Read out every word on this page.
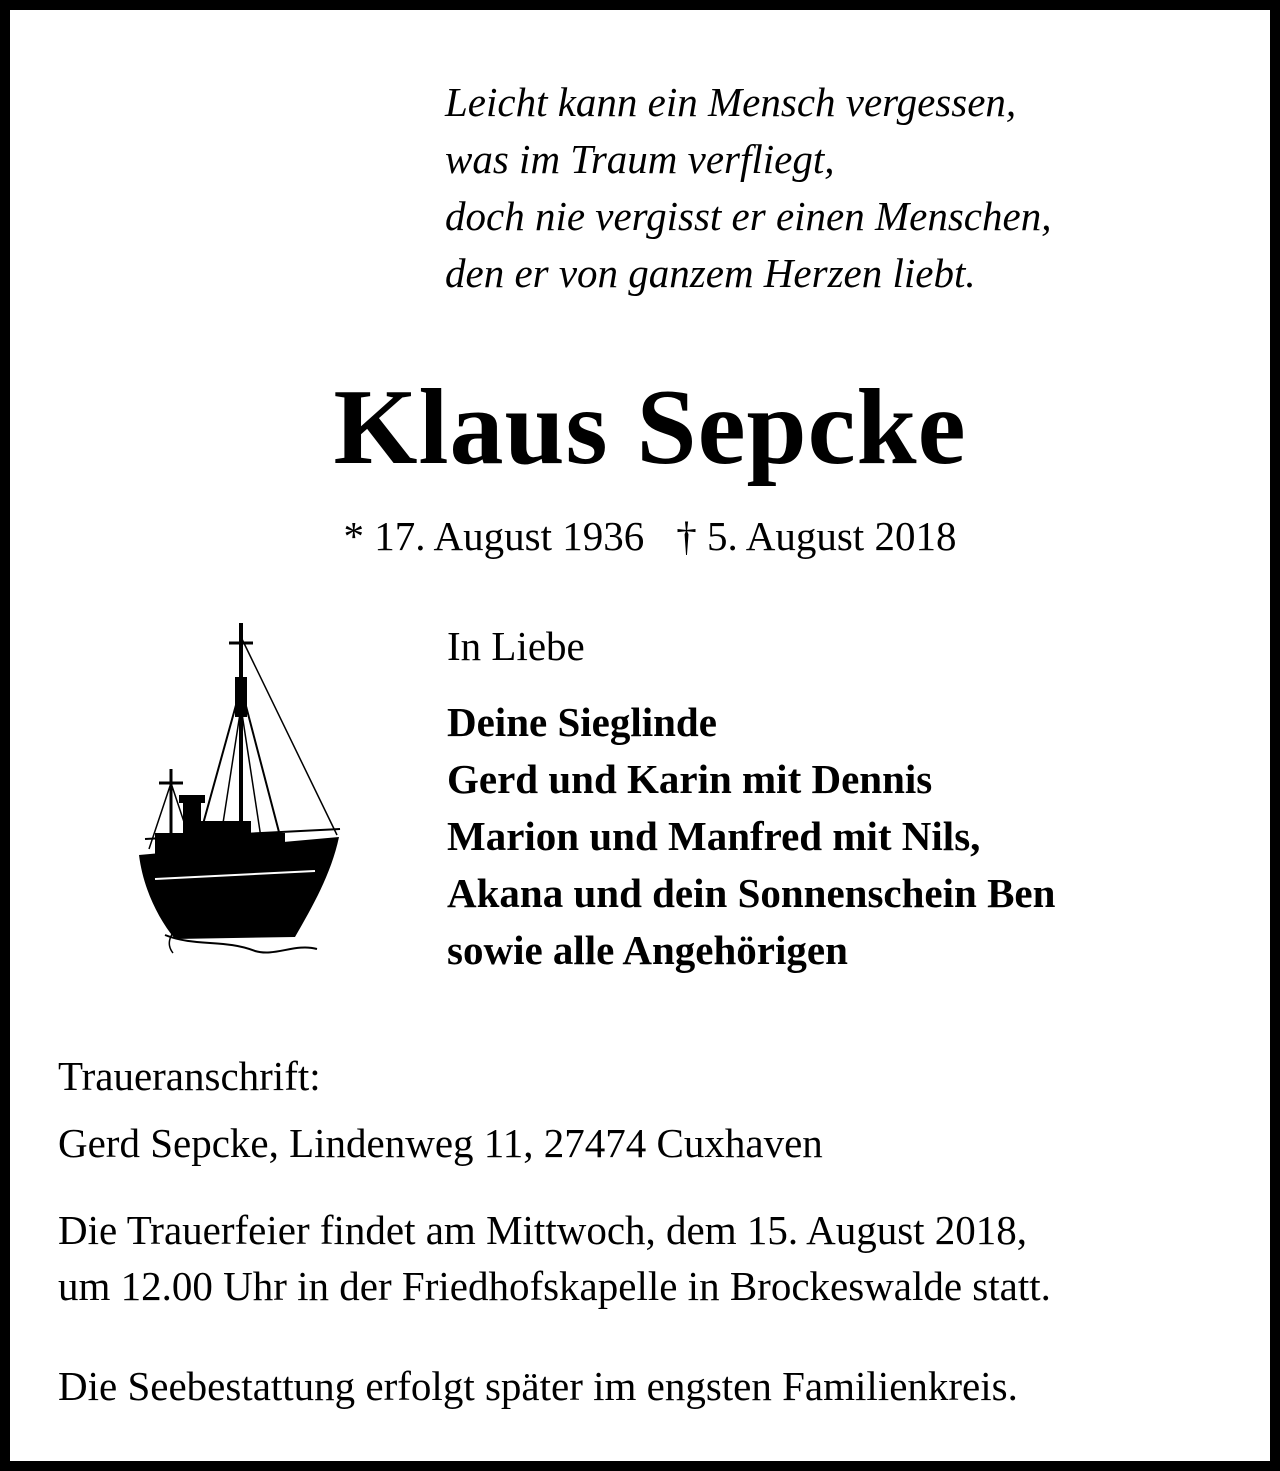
Leicht kann ein Mensch vergessen,
was im Traum verfliegt,
doch nie vergisst er einen Menschen,
den er von ganzem Herzen liebt.
Klaus Sepcke
* 17. August 1936 † 5. August 2018
In Liebe
Deine Sieglinde
Gerd und Karin mit Dennis
Marion und Manfred mit Nils,
Akana und dein Sonnenschein Ben
sowie alle Angehörigen
Traueranschrift:
Gerd Sepcke, Lindenweg 11, 27474 Cuxhaven
Die Trauerfeier findet am Mittwoch, dem 15. August 2018,
um 12.00 Uhr in der Friedhofskapelle in Brockeswalde statt.
Die Seebestattung erfolgt später im engsten Familienkreis.
